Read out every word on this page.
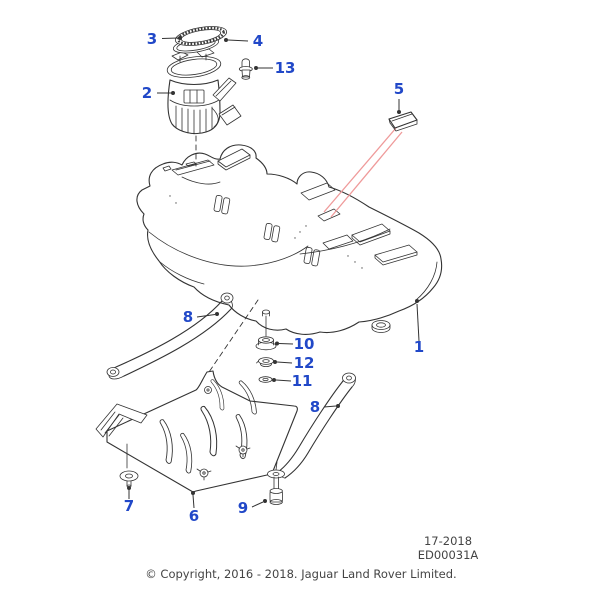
1
2
3	4
5
6
7
8
8
9
10
12
11
13
17-2018
ED00031A
© Copyright, 2016 - 2018. Jaguar Land Rover Limited.
